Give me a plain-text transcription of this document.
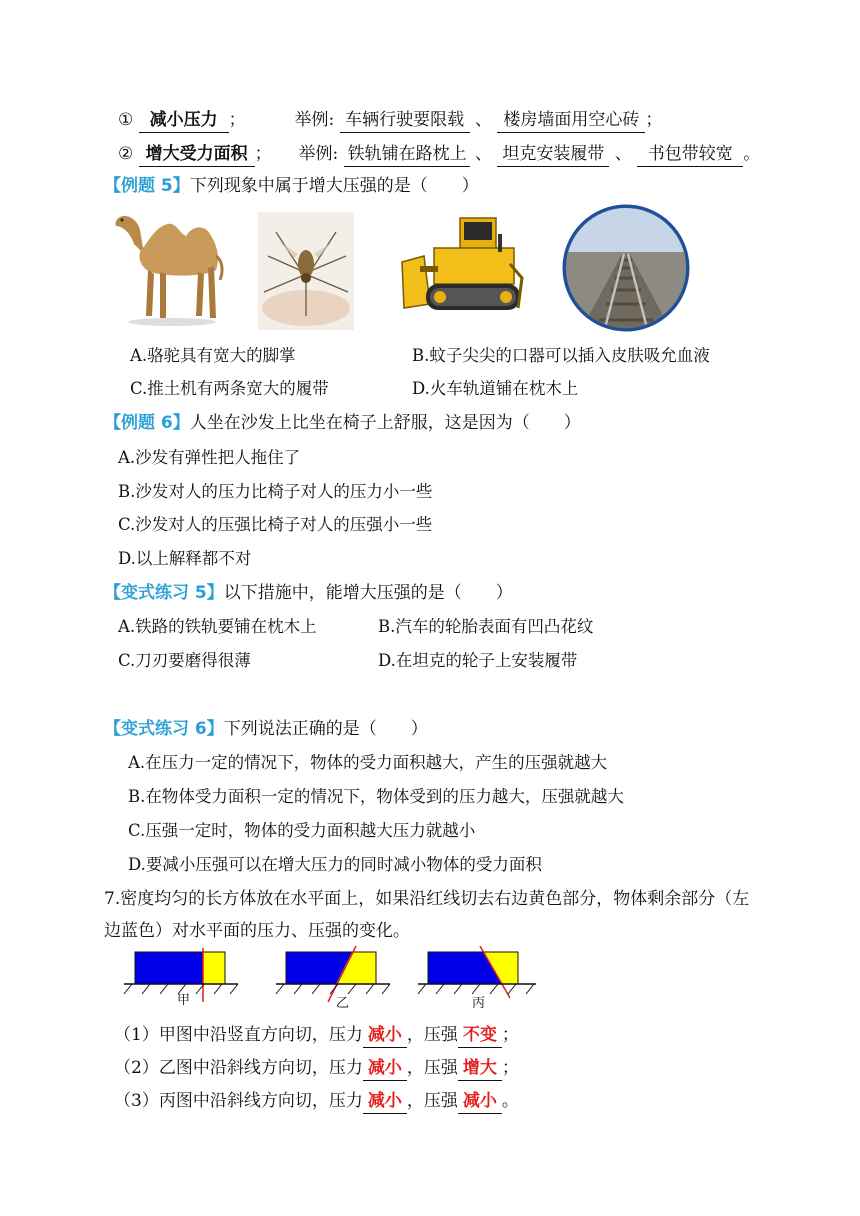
① 减小压力 ；	举例: 车辆行驶要限载 、 楼房墙面用空心砖 ；
② 增大受力面积 ； 举例: 铁轨铺在路枕上 、 坦克安装履带 、 书包带较宽 。
【例题 5】下列现象中属于增大压强的是（　　）
A.骆驼具有宽大的脚掌	B.蚊子尖尖的口器可以插入皮肤吸允血液
C.推土机有两条宽大的履带	D.火车轨道铺在枕木上
【例题 6】人坐在沙发上比坐在椅子上舒服，这是因为（　　）
A.沙发有弹性把人拖住了
B.沙发对人的压力比椅子对人的压力小一些
C.沙发对人的压强比椅子对人的压强小一些
D.以上解释都不对
【变式练习 5】以下措施中，能增大压强的是（　　）
A.铁路的铁轨要铺在枕木上	B.汽车的轮胎表面有凹凸花纹
C.刀刃要磨得很薄	D.在坦克的轮子上安装履带
【变式练习 6】下列说法正确的是（　　）
A.在压力一定的情况下，物体的受力面积越大，产生的压强就越大
B.在物体受力面积一定的情况下，物体受到的压力越大，压强就越大
C.压强一定时，物体的受力面积越大压力就越小
D.要减小压强可以在增大压力的同时减小物体的受力面积
7.密度均匀的长方体放在水平面上，如果沿红线切去右边黄色部分，物体剩余部分（左
边蓝色）对水平面的压力、压强的变化。
甲	乙	丙
（1）甲图中沿竖直方向切，压力 减小 ，压强 不变 ；
（2）乙图中沿斜线方向切，压力 减小 ，压强 增大 ；
（3）丙图中沿斜线方向切，压力 减小 ，压强 减小 。
